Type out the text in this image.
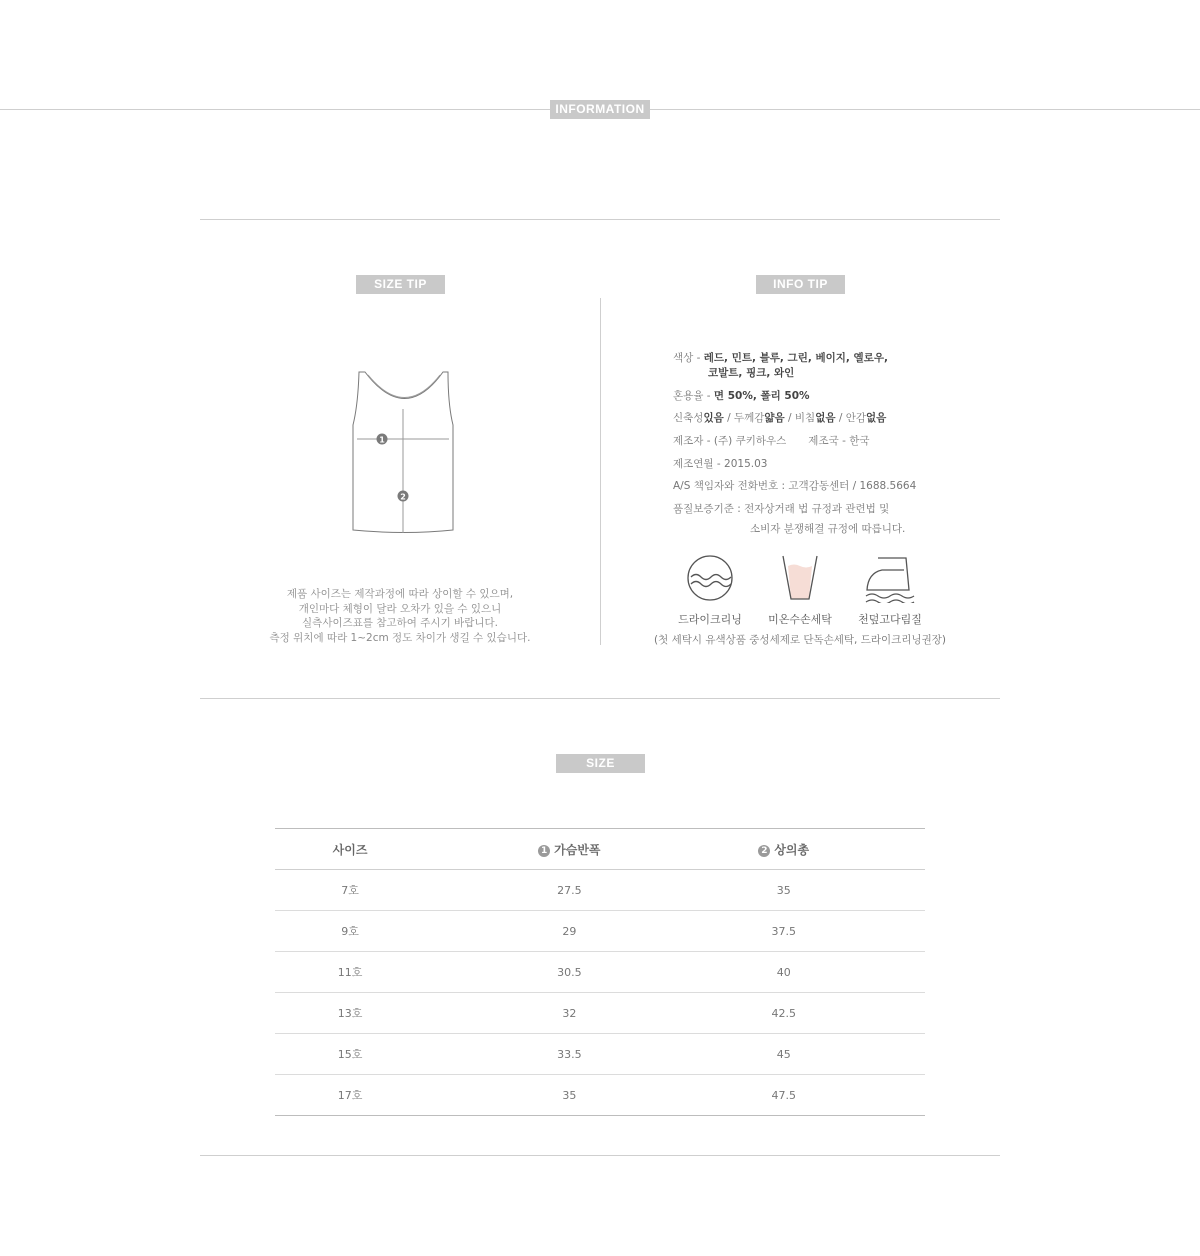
INFORMATION
SIZE TIP
1
2
제품 사이즈는 제작과정에 따라 상이할 수 있으며,
개인마다 체형이 달라 오차가 있을 수 있으니
실측사이즈표를 참고하여 주시기 바랍니다.
측정 위치에 따라 1~2cm 정도 차이가 생길 수 있습니다.
INFO TIP
색상 - 레드, 민트, 블루, 그린, 베이지, 옐로우,
코발트, 핑크, 와인
혼용율 - 면 50%, 폴리 50%
신축성있음 / 두께감얇음 / 비침없음 / 안감없음
제조자 - (주) 쿠키하우스 제조국 - 한국
제조연월 - 2015.03
A/S 책임자와 전화번호 : 고객감동센터 / 1688.5664
품질보증기준 : 전자상거래 법 규정과 관련법 및
소비자 분쟁해결 규정에 따릅니다.
드라이크리닝	미온수손세탁	천덮고다림질
(첫 세탁시 유색상품 중성세제로 단독손세탁, 드라이크리닝권장)
SIZE
사이즈	1 가슴반폭	2 상의총	
7호	27.5	35	
9호	29	37.5	
11호	30.5	40	
13호	32	42.5	
15호	33.5	45	
17호	35	47.5	
